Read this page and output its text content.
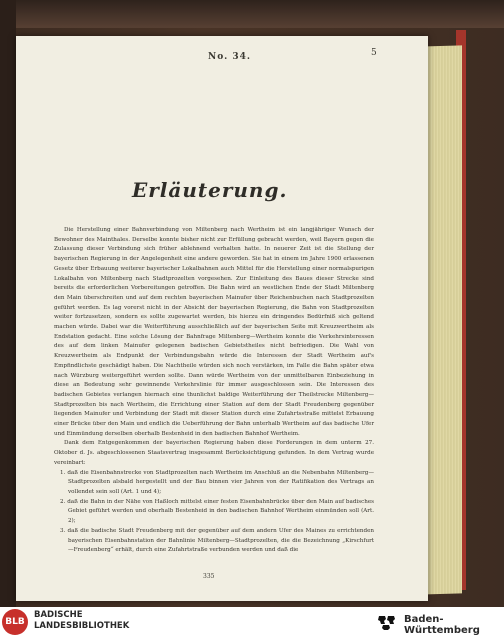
No. 34.	5
Erläuterung.

Die Herstellung einer Bahnverbindung von Miltenberg nach Wertheim ist ein langjähriger Wunsch der Bewohner des Mainthales. Derselbe konnte bisher nicht zur Erfüllung gebracht werden, weil Bayern gegen die Zulassung dieser Verbindung sich früher ablehnend verhalten hatte. In neuerer Zeit ist die Stellung der bayerischen Regierung in der Angelegenheit eine andere geworden. Sie hat in einem im Jahre 1900 erlassenen Gesetz über Erbauung weiterer bayerischer Lokalbahnen auch Mittel für die Herstellung einer normalspurigen Lokalbahn von Miltenberg nach Stadtprozelten vorgesehen. Zur Einleitung des Baues dieser Strecke sind bereits die erforderlichen Vorbereitungen getroffen. Die Bahn wird an westlichen Ende der Stadt Miltenberg den Main überschreiten und auf dem rechten bayerischen Mainufer über Reichenbuchen nach Stadtprozelten geführt werden. Es lag vorerst nicht in der Absicht der bayerischen Regierung, die Bahn von Stadtprozelten weiter fortzusetzen, sondern es sollte zugewartet werden, bis hierzu ein dringendes Bedürfniß sich geltend machen würde. Dabei war die Weiterführung ausschließlich auf der bayerischen Seite mit Kreuzwertheim als Endstation gedacht. Eine solche Lösung der Bahnfrage Miltenberg—Wertheim konnte die Verkehrsinteressen des auf dem linken Mainufer gelegenen badischen Gebietstheiles nicht befriedigen. Die Wahl von Kreuzwertheim als Endpunkt der Verbindungsbahn würde die Interessen der Stadt Wertheim auf's Empfindlichste geschädigt haben. Die Nachtheile würden sich noch verstärken, im Falle die Bahn später etwa nach Würzburg weitergeführt werden sollte. Dann würde Wertheim von der unmittelbaren Einbeziehung in diese an Bedeutung sehr gewinnende Verkehrslinie für immer ausgeschlossen sein. Die Interessen des badischen Gebietes verlangen hiernach eine thunlichst baldige Weiterführung der Theilstrecke Miltenberg—Stadtprozelten bis nach Wertheim, die Errichtung einer Station auf dem der Stadt Freudenberg gegenüber liegenden Mainufer und Verbindung der Stadt mit dieser Station durch eine Zufahrtsstraße mittelst Erbauung einer Brücke über den Main und endlich die Ueberführung der Bahn unterhalb Wertheim auf das badische Ufer und Einmündung derselben oberhalb Bestenheid in den badischen Bahnhof Wertheim.

Dank dem Entgegenkommen der bayerischen Regierung haben diese Forderungen in dem unterm 27. Oktober d. Js. abgeschlossenen Staatsvertrag insgesammt Berücksichtigung gefunden. In dem Vertrag wurde vereinbart:

1. daß die Eisenbahnstrecke von Stadtprozelten nach Wertheim im Anschluß an die Nebenbahn Miltenberg—Stadtprozelten alsbald hergestellt und der Bau binnen vier Jahren von der Ratifikation des Vertrags an vollendet sein soll (Art. 1 und 4);
2. daß die Bahn in der Nähe von Haßloch mittelst einer festen Eisenbahnbrücke über den Main auf badisches Gebiet geführt werden und oberhalb Bestenheid in den badischen Bahnhof Wertheim einmünden soll (Art. 2);
3. daß die badische Stadt Freudenberg mit der gegenüber auf dem andern Ufer des Maines zu errichtenden bayerischen Eisenbahnstation der Bahnlinie Miltenberg—Stadtprozelten, die die Bezeichnung „Kirschfurt—Freudenberg“ erhält, durch eine Zufahrtstraße verbunden werden und daß die
335
BLB
BADISCHE
LANDESBIBLIOTHEK
Baden-Württemberg
